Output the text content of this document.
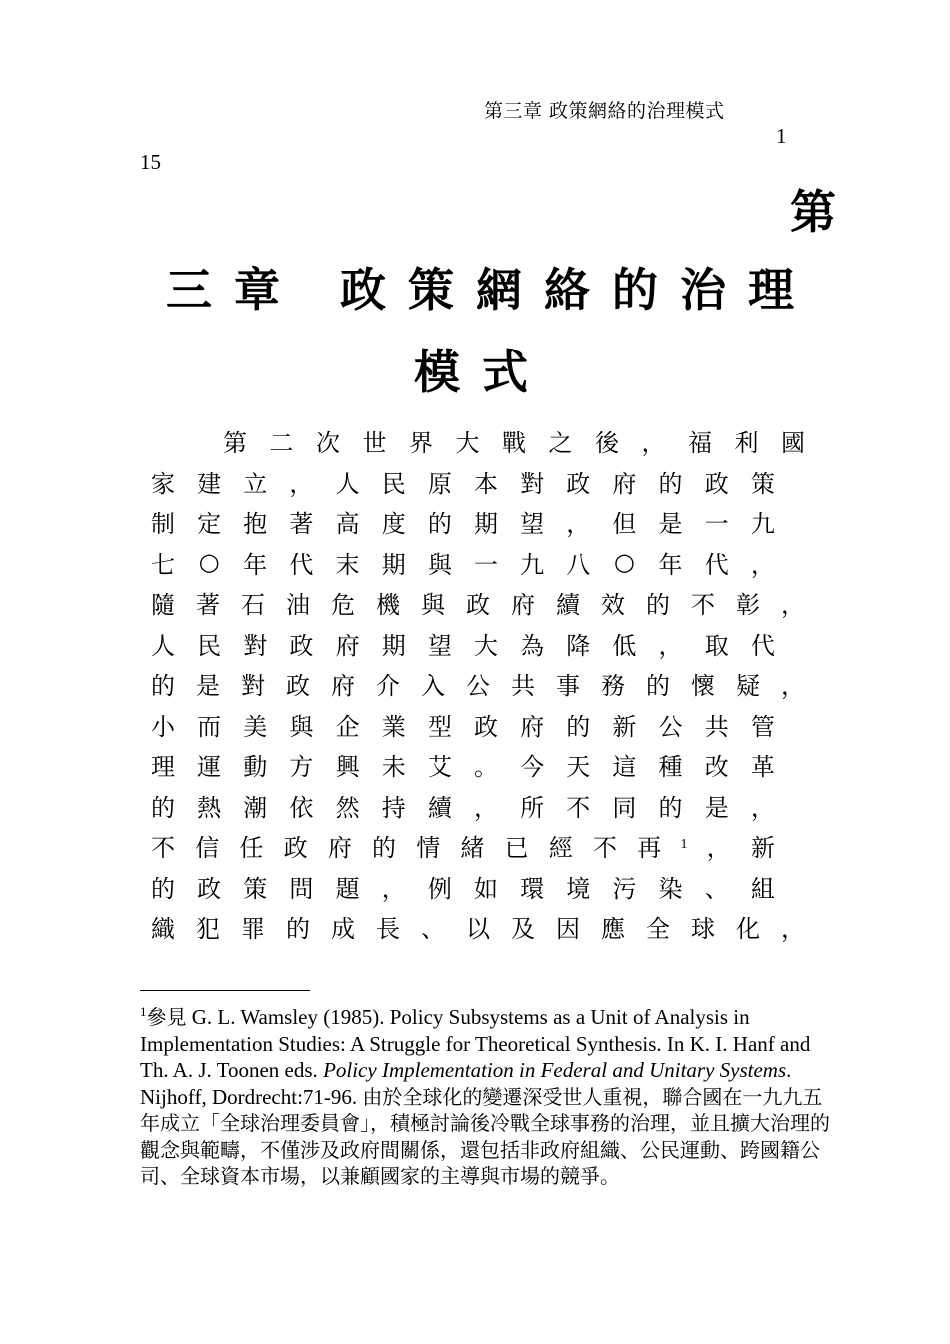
第三章 政策網絡的治理模式
1
15
第
三章 政策網絡的治理
模式
第 二 次 世 界 大 戰 之 後 ， 福 利 國
家 建 立 ， 人 民 原 本 對 政 府 的 政 策
制 定 抱 著 高 度 的 期 望 ， 但 是 一 九
七 ○ 年 代 末 期 與 一 九 八 ○ 年 代 ，
隨 著 石 油 危 機 與 政 府 續 效 的 不 彰 ，
人 民 對 政 府 期 望 大 為 降 低 ， 取 代
的 是 對 政 府 介 入 公 共 事 務 的 懷 疑 ，
小 而 美 與 企 業 型 政 府 的 新 公 共 管
理 運 動 方 興 未 艾 。 今 天 這 種 改 革
的 熱 潮 依 然 持 續 ， 所 不 同 的 是 ，
不 信 任 政 府 的 情 緒 已 經 不 再 1 ， 新
的 政 策 問 題 ， 例 如 環 境 污 染 、 組
織 犯 罪 的 成 長 、 以 及 因 應 全 球 化 ，
$^1$參見 G. L. Wamsley (1985). Policy Subsystems as a Unit of Analysis in Implementation Studies: A Struggle for Theoretical Synthesis. In K. I. Hanf and Th. A. J. Toonen eds. Policy Implementation in Federal and Unitary Systems. Nijhoff, Dordrecht:71-96. 由於全球化的變遷深受世人重視，聯合國在一九九五年成立「全球治理委員會」，積極討論後冷戰全球事務的治理，並且擴大治理的觀念與範疇，不僅涉及政府間關係，還包括非政府組織、公民運動、跨國籍公司、全球資本市場，以兼顧國家的主導與市場的競爭。
